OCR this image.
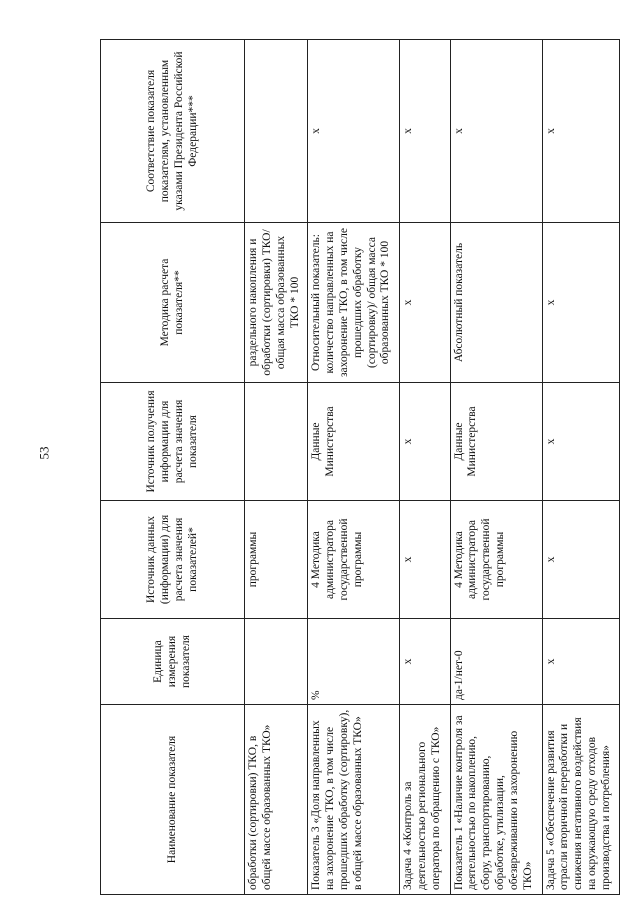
53
Наименование показателя	Единица измерения показателя	Источник данных (информации) для расчета значения показателей*	Источник получения информации для расчета значения показателя	Методика расчета показателя**	Соответствие показателя показателям, установленным указами Президента Российской Федерации***
обработки (сортировки) ТКО, в общей массе образованных ТКО»		программы		раздельного накопления и обработки (сортировки) ТКО/общая масса образованных ТКО * 100	
Показатель 3 «Доля направленных на захоронение ТКО, в том числе прошедших обработку (сортировку), в общей массе образованных ТКО»	%	4 Методика администратора государственной программы	Данные Министерства	Относительный показатель: количество направленных на захоронение ТКО, в том числе прошедших обработку (сортировку)/ общая масса образованных ТКО * 100	х
Задача 4 «Контроль за деятельностью регионального оператора по обращению с ТКО»	х	х	х	х	х
Показатель 1 «Наличие контроля за деятельностью по накоплению, сбору, транспортированию, обработке, утилизации, обезвреживанию и захоронению ТКО»	да-1/нет-0	4 Методика администратора государственной программы	Данные Министерства	Абсолютный показатель	х
Задача 5 «Обеспечение развития отрасли вторичной переработки и снижения негативного воздействия на окружающую среду отходов производства и потребления»	х	х	х	х	х
